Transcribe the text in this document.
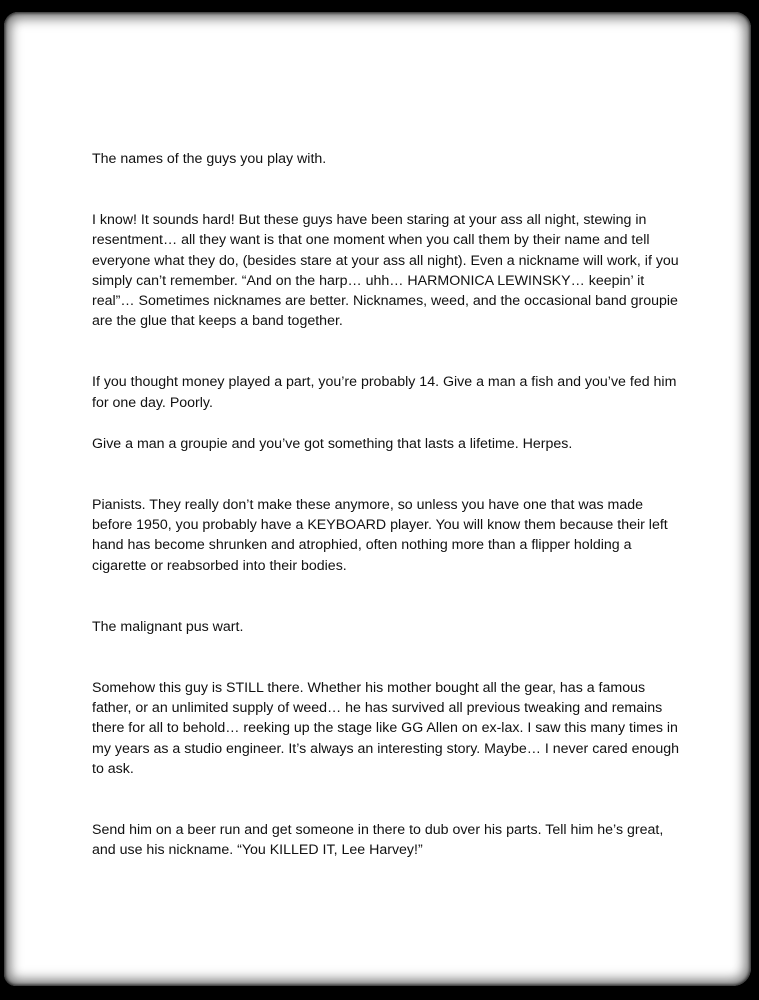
The names of the guys you play with.

I know! It sounds hard! But these guys have been staring at your ass all night, stewing in resentment… all they want is that one moment when you call them by their name and tell everyone what they do, (besides stare at your ass all night). Even a nickname will work, if you simply can’t remember. “And on the harp… uhh… HARMONICA LEWINSKY… keepin’ it real”… Sometimes nicknames are better. Nicknames, weed, and the occasional band groupie are the glue that keeps a band together.

If you thought money played a part, you’re probably 14. Give a man a fish and you’ve fed him for one day. Poorly.

Give a man a groupie and you’ve got something that lasts a lifetime. Herpes.

Pianists. They really don’t make these anymore, so unless you have one that was made before 1950, you probably have a KEYBOARD player. You will know them because their left hand has become shrunken and atrophied, often nothing more than a flipper holding a cigarette or reabsorbed into their bodies.

The malignant pus wart.

Somehow this guy is STILL there. Whether his mother bought all the gear, has a famous father, or an unlimited supply of weed… he has survived all previous tweaking and remains there for all to behold… reeking up the stage like GG Allen on ex-lax. I saw this many times in my years as a studio engineer. It’s always an interesting story. Maybe… I never cared enough to ask.

Send him on a beer run and get someone in there to dub over his parts. Tell him he’s great, and use his nickname. “You KILLED IT, Lee Harvey!”
